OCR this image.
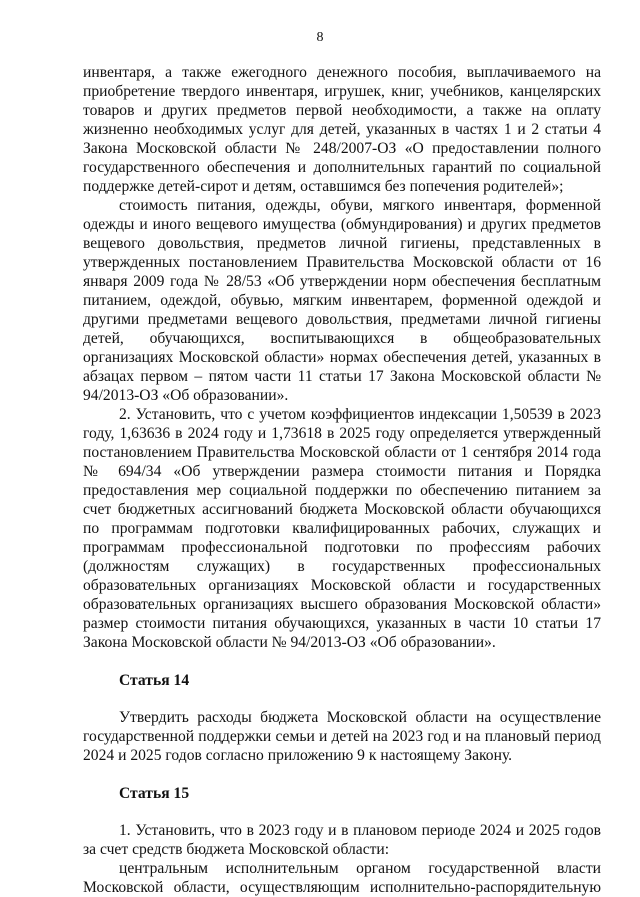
8

инвентаря, а также ежегодного денежного пособия, выплачиваемого на приобретение твердого инвентаря, игрушек, книг, учебников, канцелярских товаров и других предметов первой необходимости, а также на оплату жизненно необходимых услуг для детей, указанных в частях 1 и 2 статьи 4 Закона Московской области № 248/2007-ОЗ «О предоставлении полного государственного обеспечения и дополнительных гарантий по социальной поддержке детей-сирот и детям, оставшимся без попечения родителей»;

стоимость питания, одежды, обуви, мягкого инвентаря, форменной одежды и иного вещевого имущества (обмундирования) и других предметов вещевого довольствия, предметов личной гигиены, представленных в утвержденных постановлением Правительства Московской области от 16 января 2009 года № 28/53 «Об утверждении норм обеспечения бесплатным питанием, одеждой, обувью, мягким инвентарем, форменной одеждой и другими предметами вещевого довольствия, предметами личной гигиены детей, обучающихся, воспитывающихся в общеобразовательных организациях Московской области» нормах обеспечения детей, указанных в абзацах первом – пятом части 11 статьи 17 Закона Московской области № 94/2013-ОЗ «Об образовании».

2. Установить, что с учетом коэффициентов индексации 1,50539 в 2023 году, 1,63636 в 2024 году и 1,73618 в 2025 году определяется утвержденный постановлением Правительства Московской области от 1 сентября 2014 года № 694/34 «Об утверждении размера стоимости питания и Порядка предоставления мер социальной поддержки по обеспечению питанием за счет бюджетных ассигнований бюджета Московской области обучающихся по программам подготовки квалифицированных рабочих, служащих и программам профессиональной подготовки по профессиям рабочих (должностям служащих) в государственных профессиональных образовательных организациях Московской области и государственных образовательных организациях высшего образования Московской области» размер стоимости питания обучающихся, указанных в части 10 статьи 17 Закона Московской области № 94/2013-ОЗ «Об образовании».

Статья 14

Утвердить расходы бюджета Московской области на осуществление государственной поддержки семьи и детей на 2023 год и на плановый период 2024 и 2025 годов согласно приложению 9 к настоящему Закону.

Статья 15

1. Установить, что в 2023 году и в плановом периоде 2024 и 2025 годов за счет средств бюджета Московской области:

центральным исполнительным органом государственной власти Московской области, осуществляющим исполнительно-распорядительную
